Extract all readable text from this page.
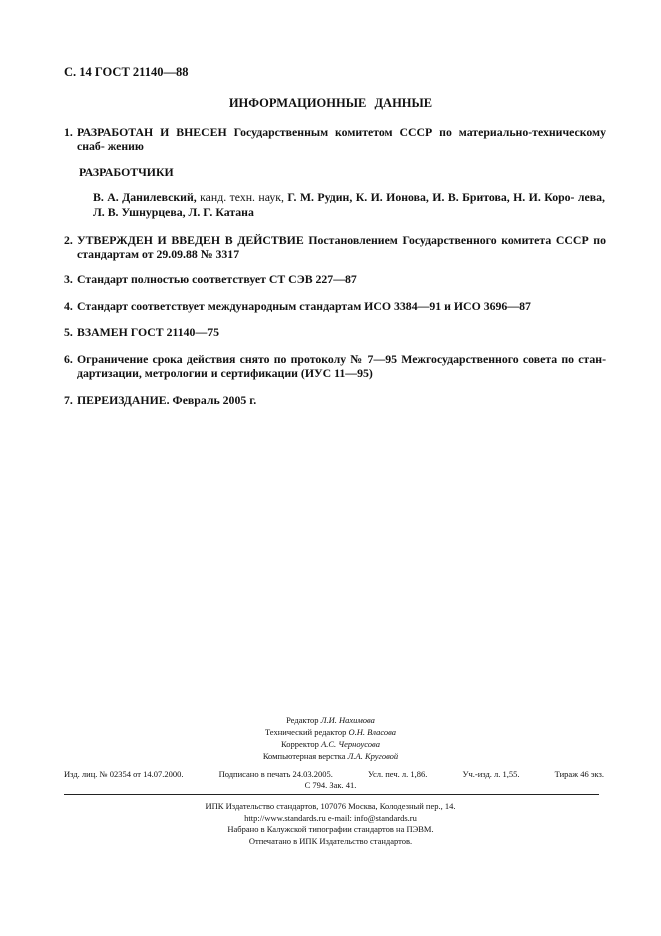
С. 14 ГОСТ 21140—88
ИНФОРМАЦИОННЫЕ ДАННЫЕ
1. РАЗРАБОТАН И ВНЕСЕН Государственным комитетом СССР по материально-техническому снаб- жению
РАЗРАБОТЧИКИ
В. А. Данилевский, канд. техн. наук, Г. М. Рудин, К. И. Ионова, И. В. Бритова, Н. И. Коро- лева, Л. В. Ушнурцева, Л. Г. Катана
2. УТВЕРЖДЕН И ВВЕДЕН В ДЕЙСТВИЕ Постановлением Государственного комитета СССР по стандартам от 29.09.88 № 3317
3. Стандарт полностью соответствует СТ СЭВ 227—87
4. Стандарт соответствует международным стандартам ИСО 3384—91 и ИСО 3696—87
5. ВЗАМЕН ГОСТ 21140—75
6. Ограничение срока действия снято по протоколу № 7—95 Межгосударственного совета по стан- дартизации, метрологии и сертификации (ИУС 11—95)
7. ПЕРЕИЗДАНИЕ. Февраль 2005 г.
Редактор Л.И. Нахимова
Технический редактор О.Н. Власова
Корректор А.С. Черноусова
Компьютерная верстка Л.А. Круговой
Изд. лиц. № 02354 от 14.07.2000.	Подписано в печать 24.03.2005.	Усл. печ. л. 1,86.	Уч.-изд. л. 1,55.	Тираж 46 экз.
С 794. Зак. 41.
ИПК Издательство стандартов, 107076 Москва, Колодезный пер., 14.
http://www.standards.ru e-mail: info@standards.ru
Набрано в Калужской типографии стандартов на ПЭВМ.
Отпечатано в ИПК Издательство стандартов.
